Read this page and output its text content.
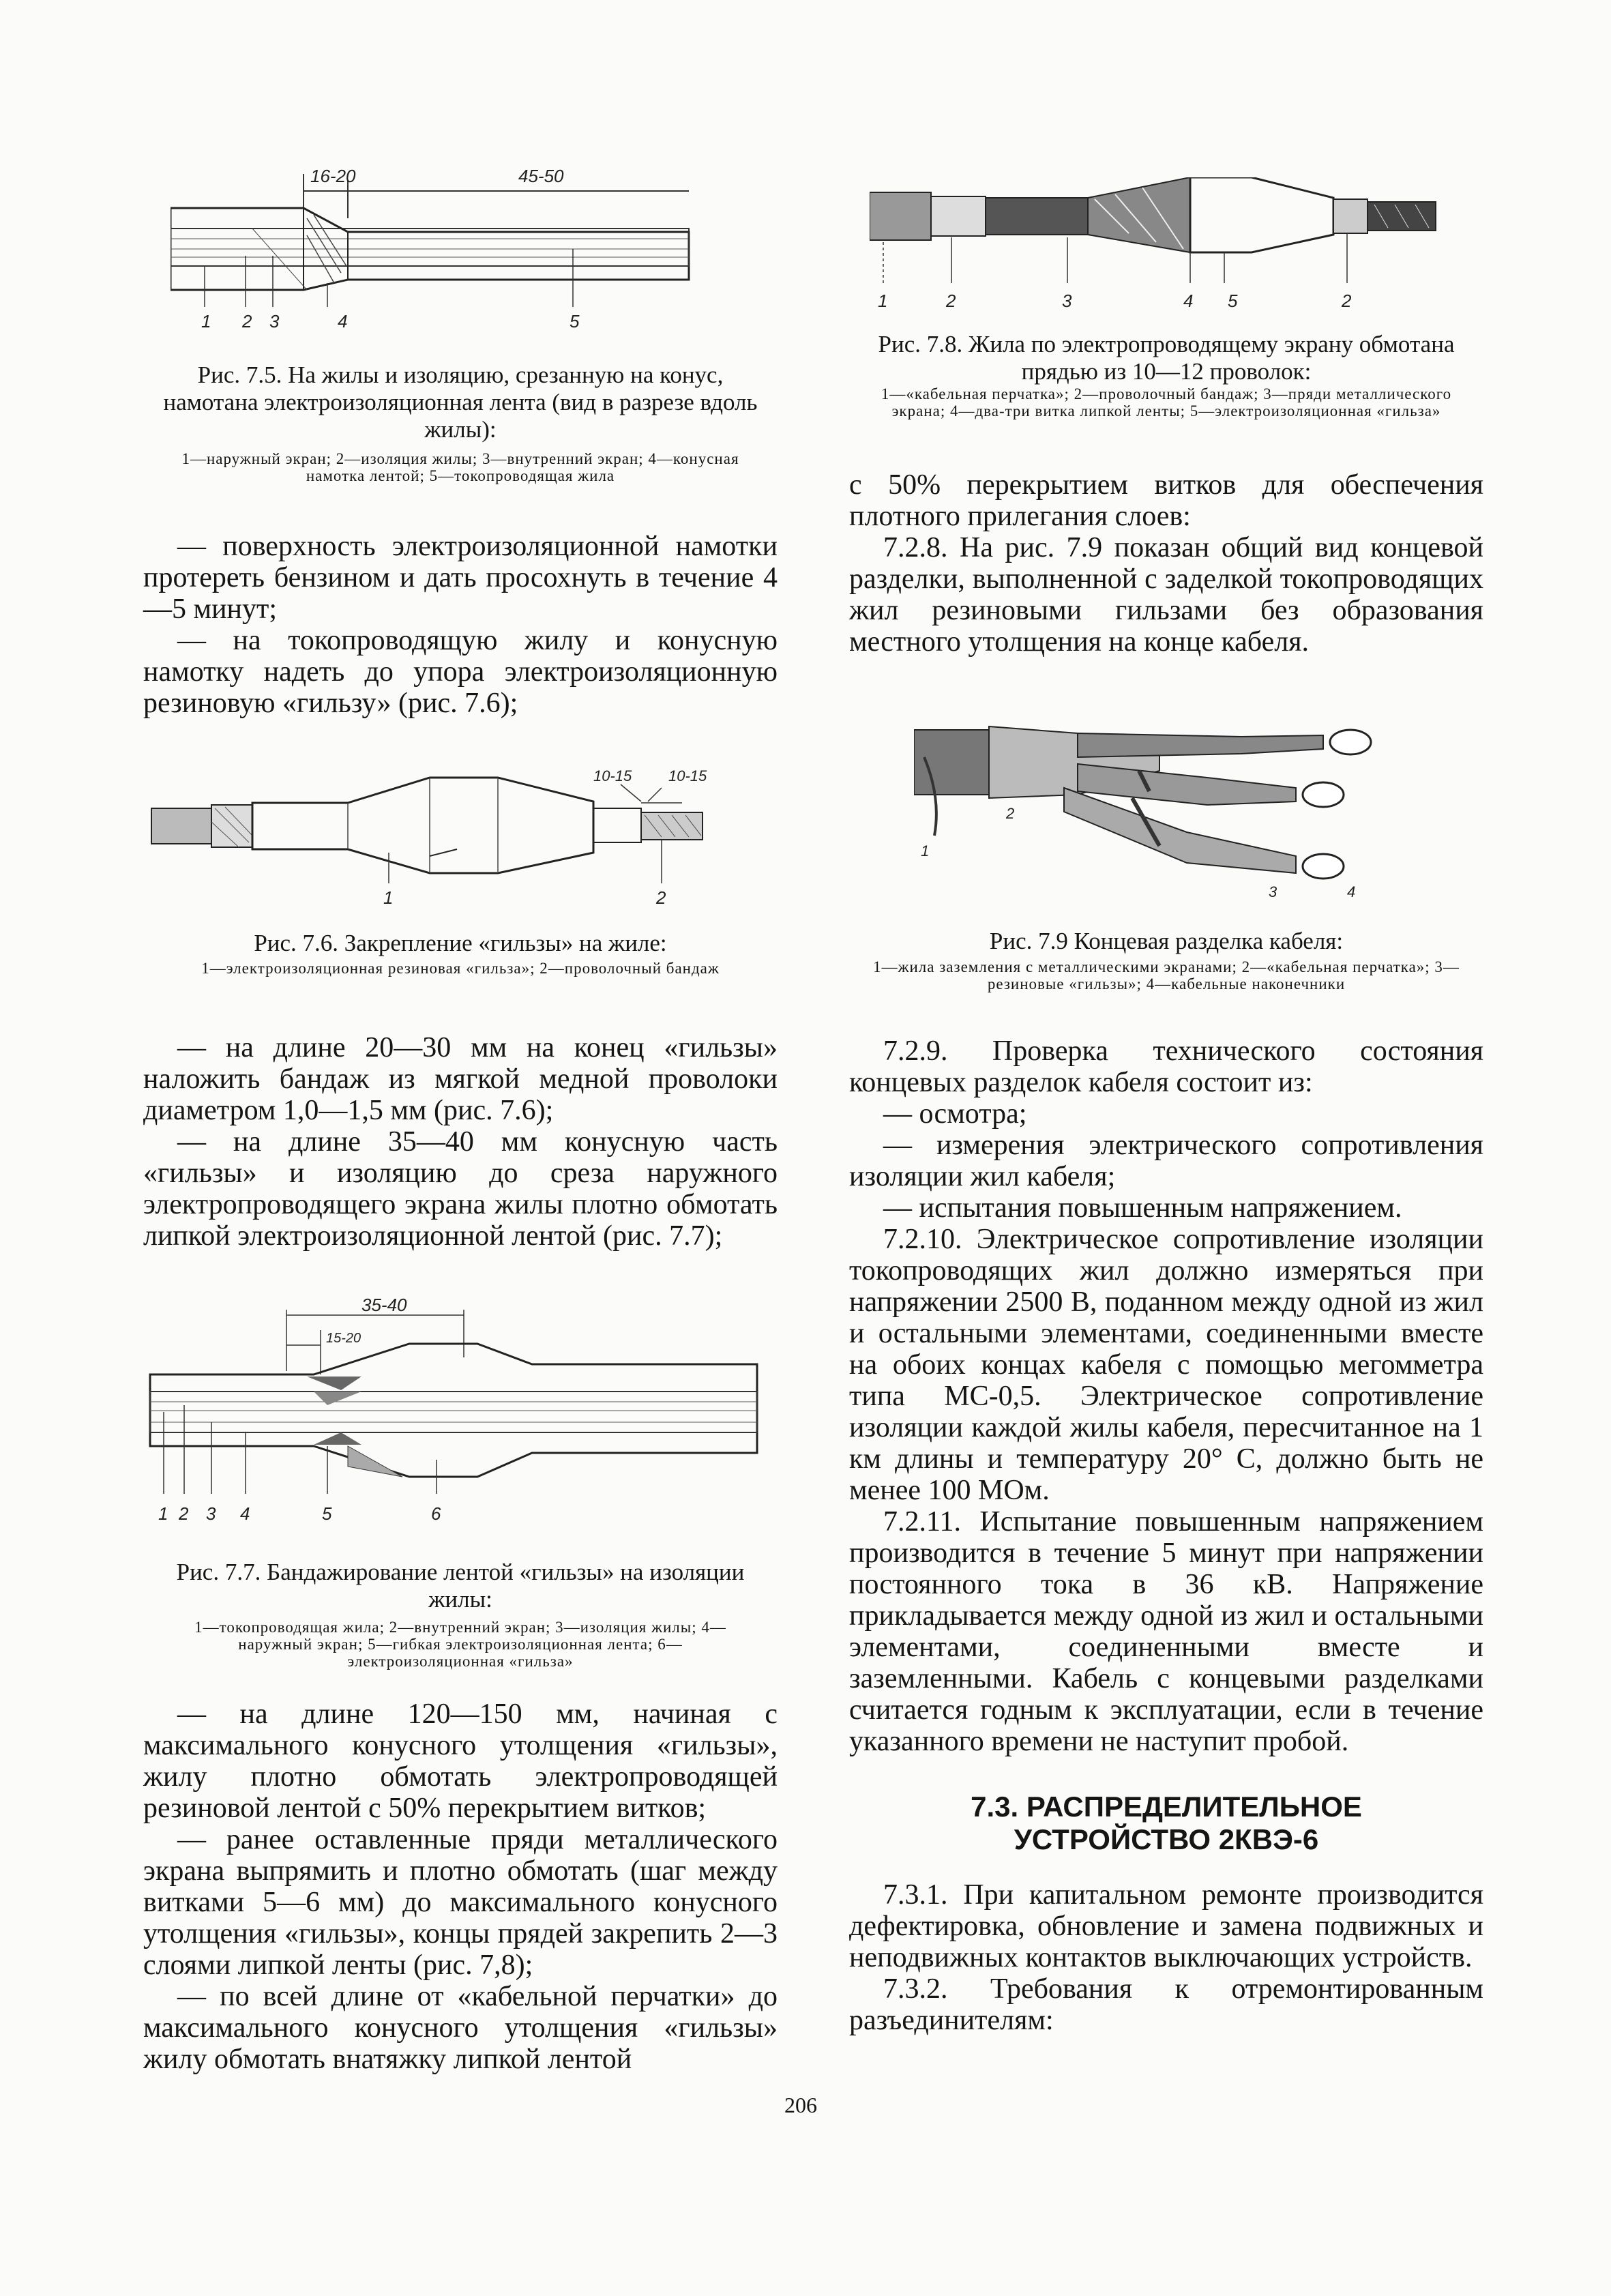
16-20	45-50
1 2 3	4	5
Рис. 7.5. На жилы и изоляцию, срезанную на конус, намотана электроизоляционная лента (вид в разрезе вдоль жилы):
1—наружный экран; 2—изоляция жилы; 3—внутренний экран; 4—конусная намотка лентой; 5—токопроводящая жила

— поверхность электроизоляционной намотки протереть бензином и дать просохнуть в течение 4—5 минут;

— на токопроводящую жилу и конусную намотку надеть до упора электроизоляционную резиновую «гильзу» (рис. 7.6);

10-15 10-15
1	2
Рис. 7.6. Закрепление «гильзы» на жиле:
1—электроизоляционная резиновая «гильза»; 2—проволочный бандаж

— на длине 20—30 мм на конец «гильзы» наложить бандаж из мягкой медной проволоки диаметром 1,0—1,5 мм (рис. 7.6);

— на длине 35—40 мм конусную часть «гильзы» и изоляцию до среза наружного электропроводящего экрана жилы плотно обмотать липкой электроизоляционной лентой (рис. 7.7);

35-40
15-20
1 2 3 4	5	6
Рис. 7.7. Бандажирование лентой «гильзы» на изоляции жилы:
1—токопроводящая жила; 2—внутренний экран; 3—изоляция жилы; 4—наружный экран; 5—гибкая электроизоляционная лента; 6—электроизоляционная «гильза»

— на длине 120—150 мм, начиная с максимального конусного утолщения «гильзы», жилу плотно обмотать электропроводящей резиновой лентой с 50% перекрытием витков;

— ранее оставленные пряди металлического экрана выпрямить и плотно обмотать (шаг между витками 5—6 мм) до максимального конусного утолщения «гильзы», концы прядей закрепить 2—3 слоями липкой ленты (рис. 7,8);

— по всей длине от «кабельной перчатки» до максимального конусного утолщения «гильзы» жилу обмотать внатяжку липкой лентой

1	2	3	4 5	2
Рис. 7.8. Жила по электропроводящему экрану обмотана прядью из 10—12 проволок:
1—«кабельная перчатка»; 2—проволочный бандаж; 3—пряди металлического экрана; 4—два-три витка липкой ленты; 5—электроизоляционная «гильза»

с 50% перекрытием витков для обеспечения плотного прилегания слоев:

7.2.8. На рис. 7.9 показан общий вид концевой разделки, выполненной с заделкой токопроводящих жил резиновыми гильзами без образования местного утолщения на конце кабеля.

1
2
3	4
Рис. 7.9 Концевая разделка кабеля:
1—жила заземления с металлическими экранами; 2—«кабельная перчатка»; 3—резиновые «гильзы»; 4—кабельные наконечники

7.2.9. Проверка технического состояния концевых разделок кабеля состоит из:

— осмотра;

— измерения электрического сопротивления изоляции жил кабеля;

— испытания повышенным напряжением.

7.2.10. Электрическое сопротивление изоляции токопроводящих жил должно измеряться при напряжении 2500 В, поданном между одной из жил и остальными элементами, соединенными вместе на обоих концах кабеля с помощью мегомметра типа МС-0,5. Электрическое сопротивление изоляции каждой жилы кабеля, пересчитанное на 1 км длины и температуру 20° С, должно быть не менее 100 МОм.

7.2.11. Испытание повышенным напряжением производится в течение 5 минут при напряжении постоянного тока в 36 кВ. Напряжение прикладывается между одной из жил и остальными элементами, соединенными вместе и заземленными. Кабель с концевыми разделками считается годным к эксплуатации, если в течение указанного времени не наступит пробой.

7.3. РАСПРЕДЕЛИТЕЛЬНОЕ
УСТРОЙСТВО 2КВЭ-6

7.3.1. При капитальном ремонте производится дефектировка, обновление и замена подвижных и неподвижных контактов выключающих устройств.

7.3.2. Требования к отремонтированным разъединителям:

206
